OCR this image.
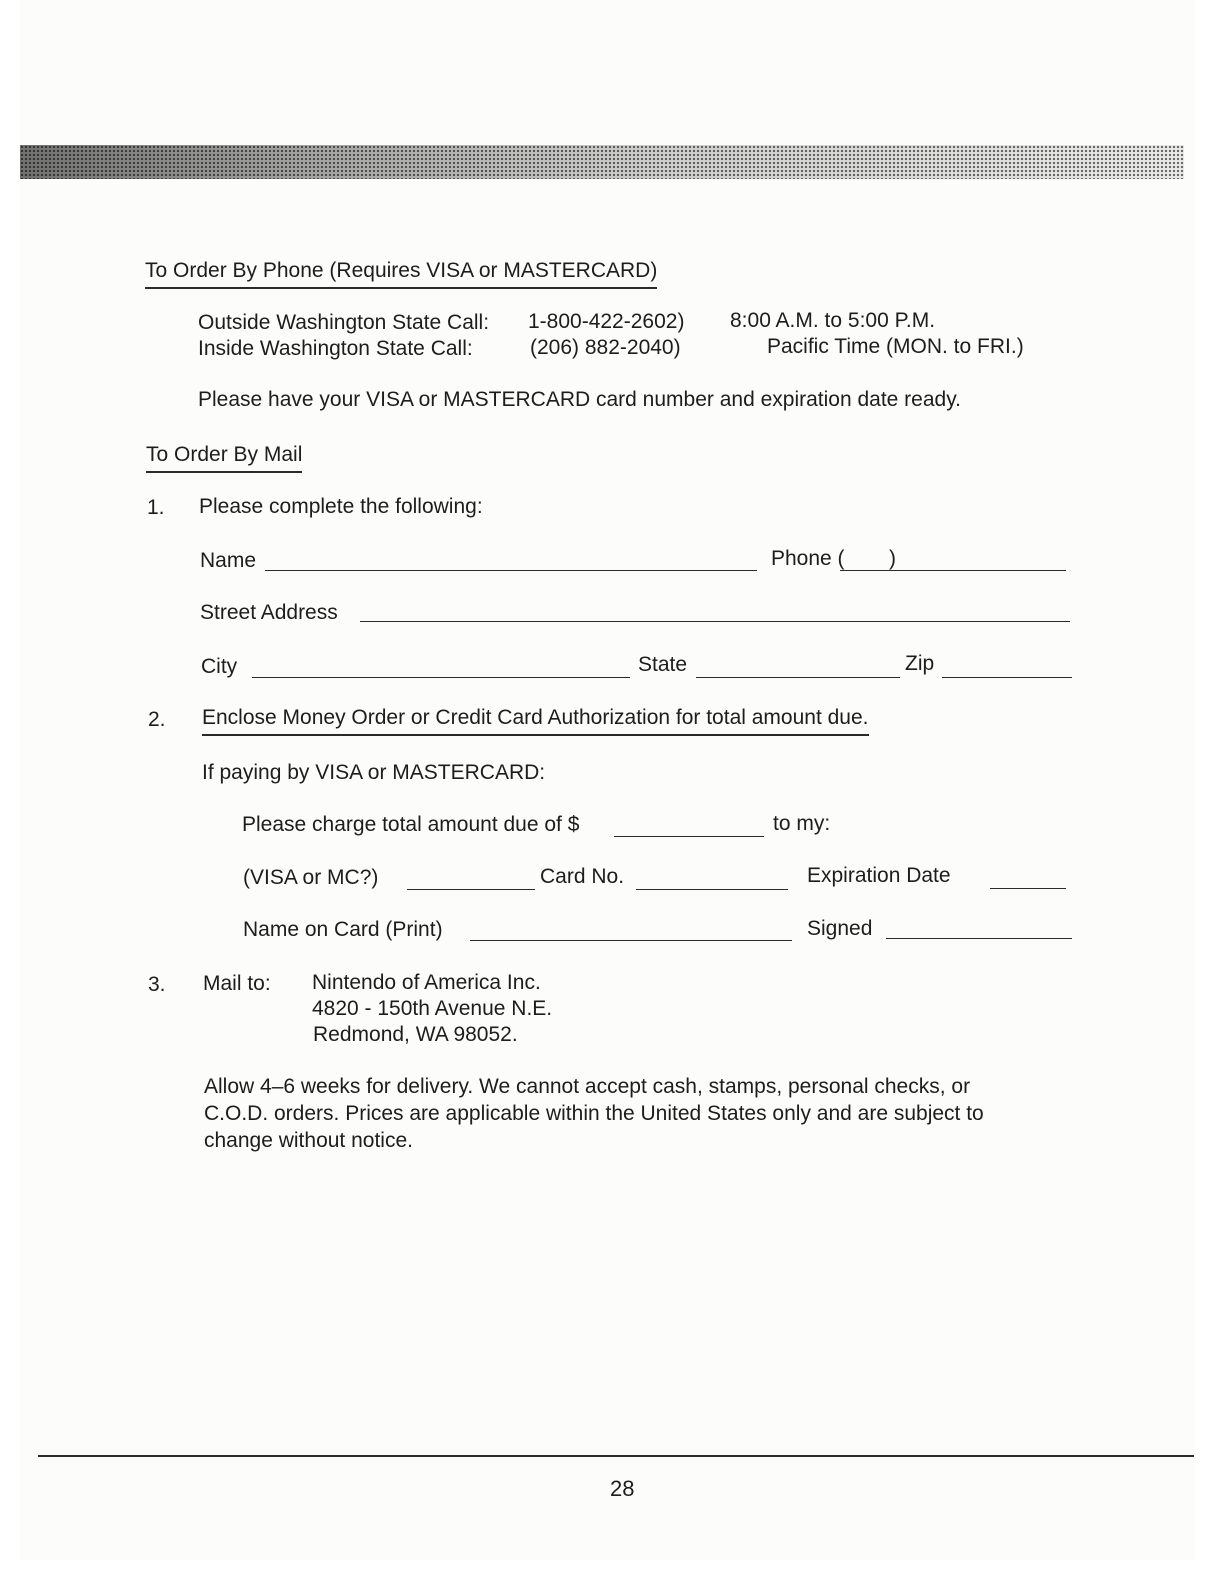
To Order By Phone (Requires VISA or MASTERCARD)
Outside Washington State Call: 1-800-422-2602) 8:00 A.M. to 5:00 P.M.
Inside Washington State Call:	(206) 882-2040)	Pacific Time (MON. to FRI.)
Please have your VISA or MASTERCARD card number and expiration date ready.
To Order By Mail
1. Please complete the following:
Name	Phone ( )
Street Address
City	State	Zip
2. Enclose Money Order or Credit Card Authorization for total amount due.
If paying by VISA or MASTERCARD:
Please charge total amount due of $	to my:
(VISA or MC?)	Card No.	Expiration Date
Name on Card (Print)	Signed
3. Mail to: Nintendo of America Inc.
4820 - 150th Avenue N.E.
Redmond, WA 98052.
Allow 4–6 weeks for delivery. We cannot accept cash, stamps, personal checks, or
C.O.D. orders. Prices are applicable within the United States only and are subject to
change without notice.
28
